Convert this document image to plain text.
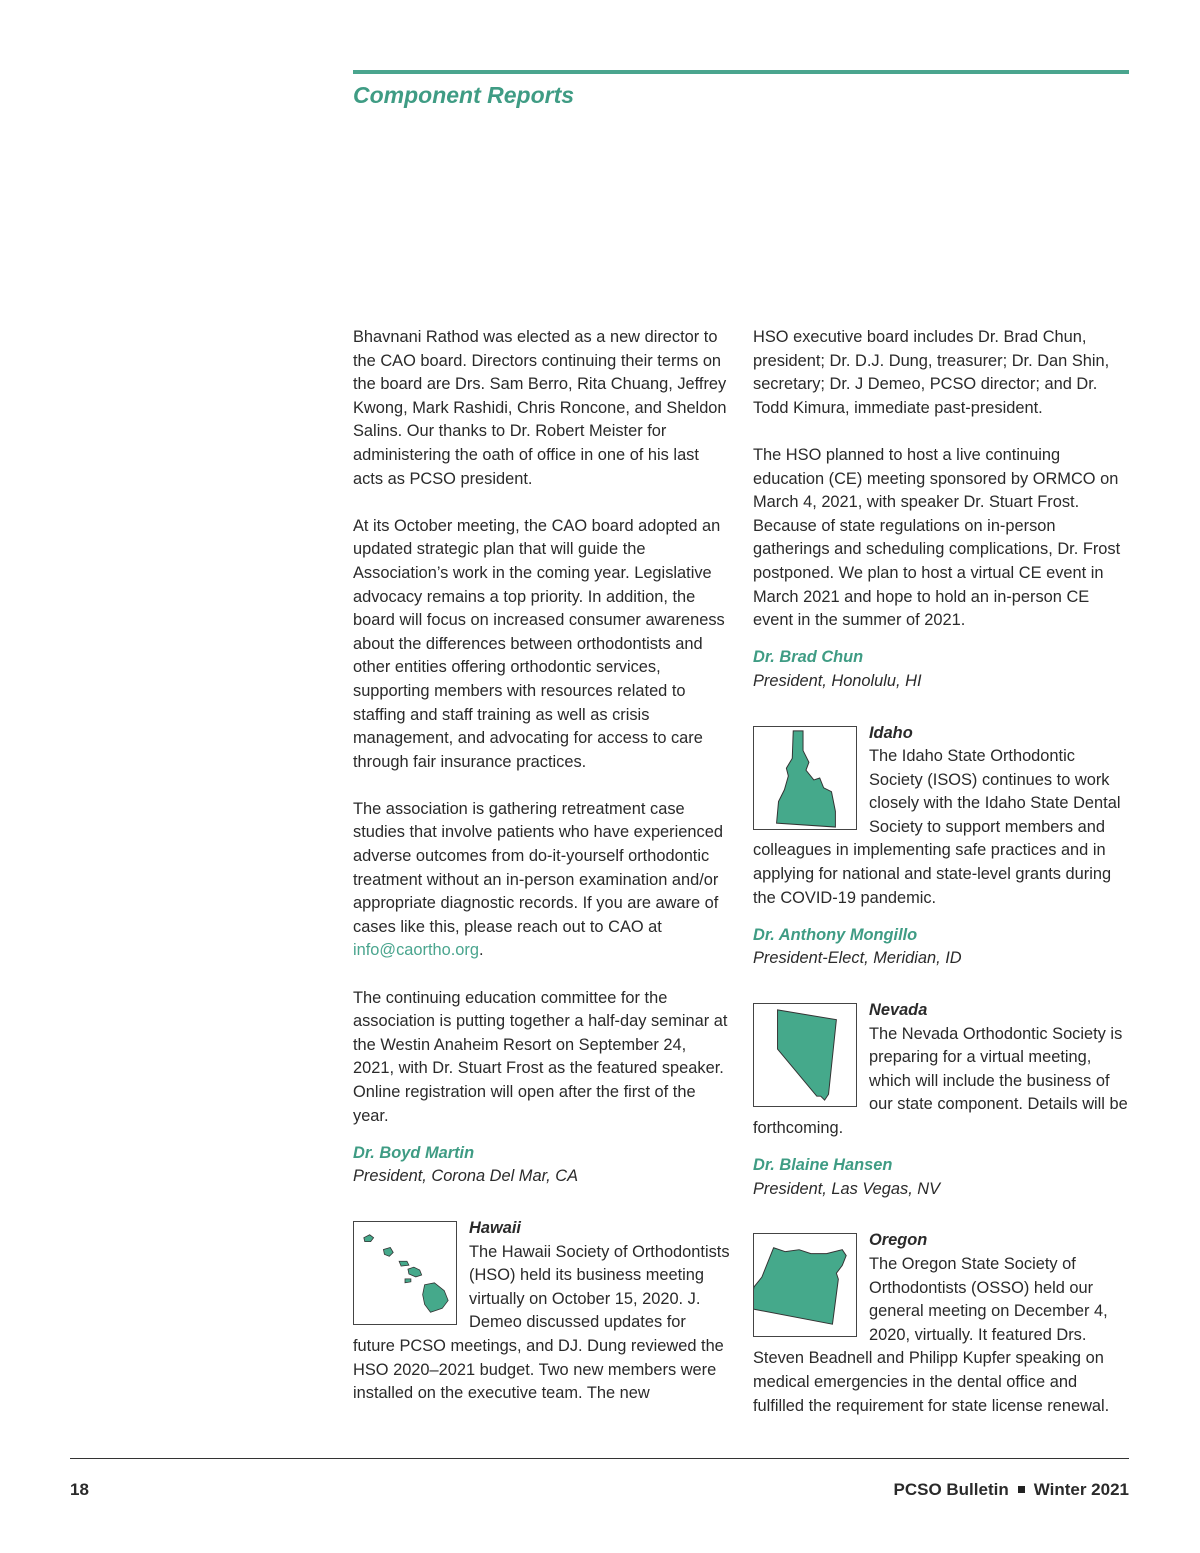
Component Reports

Bhavnani Rathod was elected as a new director to the CAO board. Directors continuing their terms on the board are Drs. Sam Berro, Rita Chuang, Jeffrey Kwong, Mark Rashidi, Chris Roncone, and Sheldon Salins. Our thanks to Dr. Robert Meister for administering the oath of office in one of his last acts as PCSO president.

At its October meeting, the CAO board adopted an updated strategic plan that will guide the Association’s work in the coming year. Legislative advocacy remains a top priority. In addition, the board will focus on increased consumer awareness about the differences between orthodontists and other entities offering orthodontic services, supporting members with resources related to staffing and staff training as well as crisis management, and advocating for access to care through fair insurance practices.

The association is gathering retreatment case studies that involve patients who have experienced adverse outcomes from do-it-yourself orthodontic treatment without an in-person examination and/or appropriate diagnostic records. If you are aware of cases like this, please reach out to CAO at info@caortho.org.

The continuing education committee for the association is putting together a half-day seminar at the Westin Anaheim Resort on September 24, 2021, with Dr. Stuart Frost as the featured speaker. Online registration will open after the first of the year.

Dr. Boyd Martin
President, Corona Del Mar, CA
Hawaii
The Hawaii Society of Orthodontists (HSO) held its business meeting virtually on October 15, 2020. J. Demeo discussed updates for future PCSO meetings, and DJ. Dung reviewed the HSO 2020–2021 budget. Two new members were installed on the executive team. The new

HSO executive board includes Dr. Brad Chun, president; Dr. D.J. Dung, treasurer; Dr. Dan Shin, secretary; Dr. J Demeo, PCSO director; and Dr. Todd Kimura, immediate past-president.

The HSO planned to host a live continuing education (CE) meeting sponsored by ORMCO on March 4, 2021, with speaker Dr. Stuart Frost. Because of state regulations on in-person gatherings and scheduling complications, Dr. Frost postponed. We plan to host a virtual CE event in March 2021 and hope to hold an in-person CE event in the summer of 2021.

Dr. Brad Chun
President, Honolulu, HI
Idaho
The Idaho State Orthodontic Society (ISOS) continues to work closely with the Idaho State Dental Society to support members and colleagues in implementing safe practices and in applying for national and state-level grants during the COVID-19 pandemic.
Dr. Anthony Mongillo
President-Elect, Meridian, ID
Nevada
The Nevada Orthodontic Society is preparing for a virtual meeting, which will include the business of our state component. Details will be forthcoming.
Dr. Blaine Hansen
President, Las Vegas, NV
Oregon
The Oregon State Society of Orthodontists (OSSO) held our general meeting on December 4, 2020, virtually. It featured Drs. Steven Beadnell and Philipp Kupfer speaking on medical emergencies in the dental office and fulfilled the requirement for state license renewal.
18	PCSO Bulletin Winter 2021
